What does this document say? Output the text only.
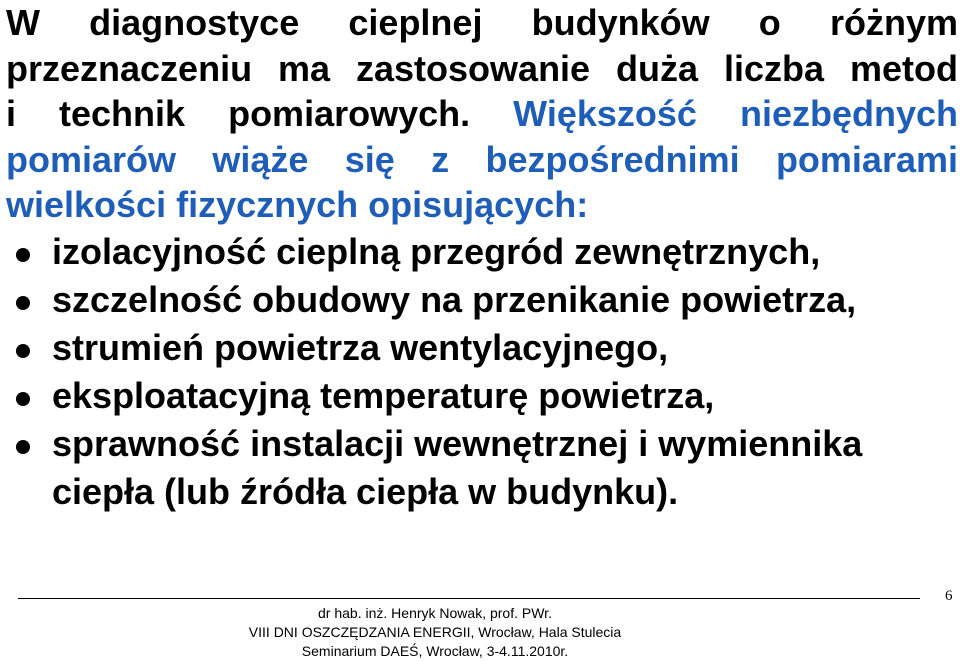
W diagnostyce cieplnej budynków o różnym
przeznaczeniu ma zastosowanie duża liczba metod
i technik pomiarowych. Większość niezbędnych
pomiarów wiąże się z bezpośrednimi pomiarami
wielkości fizycznych opisujących:
izolacyjność cieplną przegród zewnętrznych,
szczelność obudowy na przenikanie powietrza,
strumień powietrza wentylacyjnego,
eksploatacyjną temperaturę powietrza,
sprawność instalacji wewnętrznej i wymiennika
ciepła (lub źródła ciepła w budynku).
6
dr hab. inż. Henryk Nowak, prof. PWr.
VIII DNI OSZCZĘDZANIA ENERGII, Wrocław, Hala Stulecia
Seminarium DAEŚ, Wrocław, 3-4.11.2010r.
